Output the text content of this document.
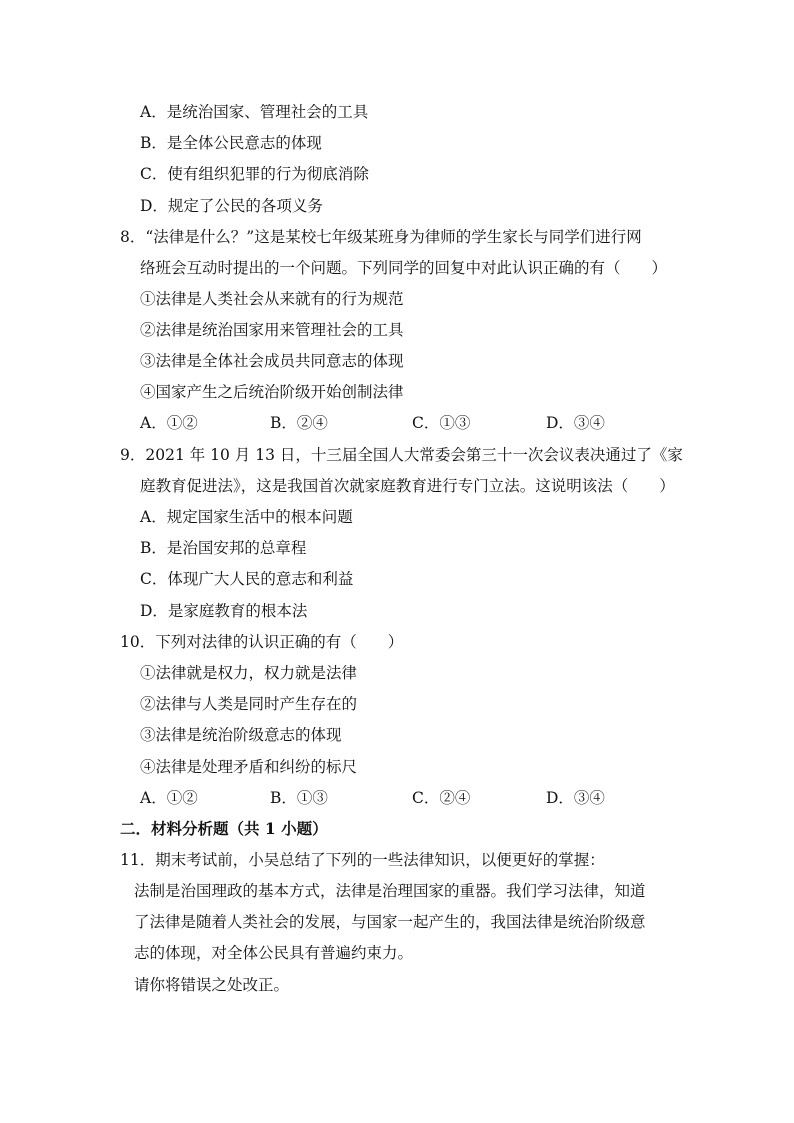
A．是统治国家、管理社会的工具
B．是全体公民意志的体现
C．使有组织犯罪的行为彻底消除
D．规定了公民的各项义务
8．“法律是什么？”这是某校七年级某班身为律师的学生家长与同学们进行网
络班会互动时提出的一个问题。下列同学的回复中对此认识正确的有（　　）
①法律是人类社会从来就有的行为规范
②法律是统治国家用来管理社会的工具
③法律是全体社会成员共同意志的体现
④国家产生之后统治阶级开始创制法律
A．①②	B．②④	C．①③	D．③④
9．2021 年 10 月 13 日，十三届全国人大常委会第三十一次会议表决通过了《家
庭教育促进法》，这是我国首次就家庭教育进行专门立法。这说明该法（　　）
A．规定国家生活中的根本问题
B．是治国安邦的总章程
C．体现广大人民的意志和利益
D．是家庭教育的根本法
10．下列对法律的认识正确的有（　　）
①法律就是权力，权力就是法律
②法律与人类是同时产生存在的
③法律是统治阶级意志的体现
④法律是处理矛盾和纠纷的标尺
A．①②	B．①③	C．②④	D．③④
二．材料分析题（共 1 小题）
11．期末考试前，小吴总结了下列的一些法律知识，以便更好的掌握：
法制是治国理政的基本方式，法律是治理国家的重器。我们学习法律，知道
了法律是随着人类社会的发展，与国家一起产生的，我国法律是统治阶级意
志的体现，对全体公民具有普遍约束力。
请你将错误之处改正。
